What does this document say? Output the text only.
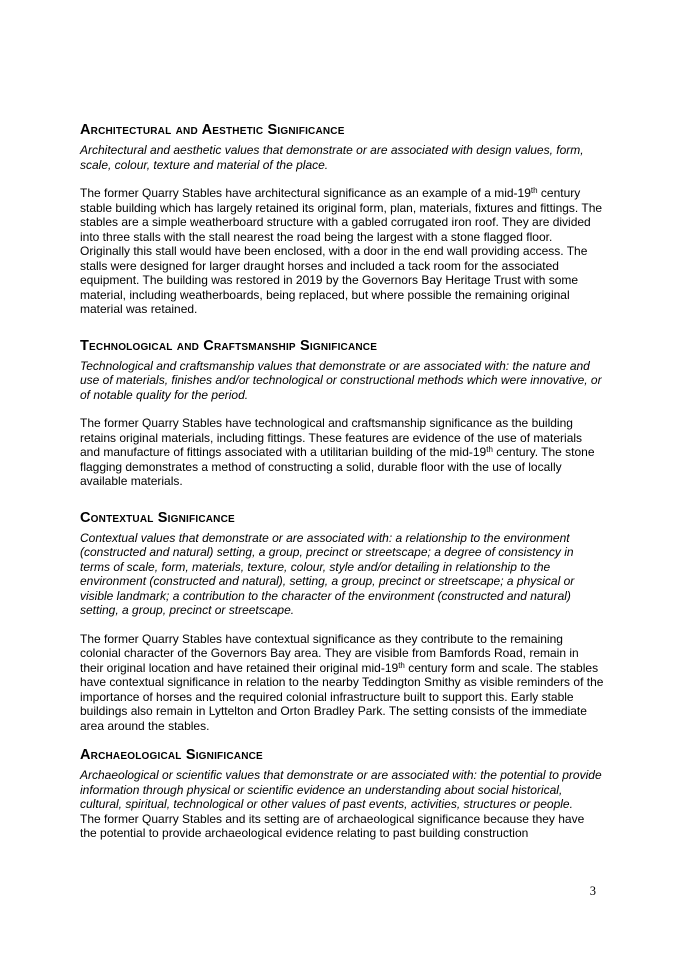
Architectural and Aesthetic Significance

Architectural and aesthetic values that demonstrate or are associated with design values, form, scale, colour, texture and material of the place.

The former Quarry Stables have architectural significance as an example of a mid-19th century stable building which has largely retained its original form, plan, materials, fixtures and fittings. The stables are a simple weatherboard structure with a gabled corrugated iron roof. They are divided into three stalls with the stall nearest the road being the largest with a stone flagged floor. Originally this stall would have been enclosed, with a door in the end wall providing access. The stalls were designed for larger draught horses and included a tack room for the associated equipment. The building was restored in 2019 by the Governors Bay Heritage Trust with some material, including weatherboards, being replaced, but where possible the remaining original material was retained.

Technological and Craftsmanship Significance

Technological and craftsmanship values that demonstrate or are associated with: the nature and use of materials, finishes and/or technological or constructional methods which were innovative, or of notable quality for the period.

The former Quarry Stables have technological and craftsmanship significance as the building retains original materials, including fittings. These features are evidence of the use of materials and manufacture of fittings associated with a utilitarian building of the mid-19th century. The stone flagging demonstrates a method of constructing a solid, durable floor with the use of locally available materials.

Contextual Significance

Contextual values that demonstrate or are associated with: a relationship to the environment (constructed and natural) setting, a group, precinct or streetscape; a degree of consistency in terms of scale, form, materials, texture, colour, style and/or detailing in relationship to the environment (constructed and natural), setting, a group, precinct or streetscape; a physical or visible landmark; a contribution to the character of the environment (constructed and natural) setting, a group, precinct or streetscape.

The former Quarry Stables have contextual significance as they contribute to the remaining colonial character of the Governors Bay area. They are visible from Bamfords Road, remain in their original location and have retained their original mid-19th century form and scale. The stables have contextual significance in relation to the nearby Teddington Smithy as visible reminders of the importance of horses and the required colonial infrastructure built to support this. Early stable buildings also remain in Lyttelton and Orton Bradley Park. The setting consists of the immediate area around the stables.

Archaeological Significance

Archaeological or scientific values that demonstrate or are associated with: the potential to provide information through physical or scientific evidence an understanding about social historical, cultural, spiritual, technological or other values of past events, activities, structures or people.

The former Quarry Stables and its setting are of archaeological significance because they have the potential to provide archaeological evidence relating to past building construction

3
